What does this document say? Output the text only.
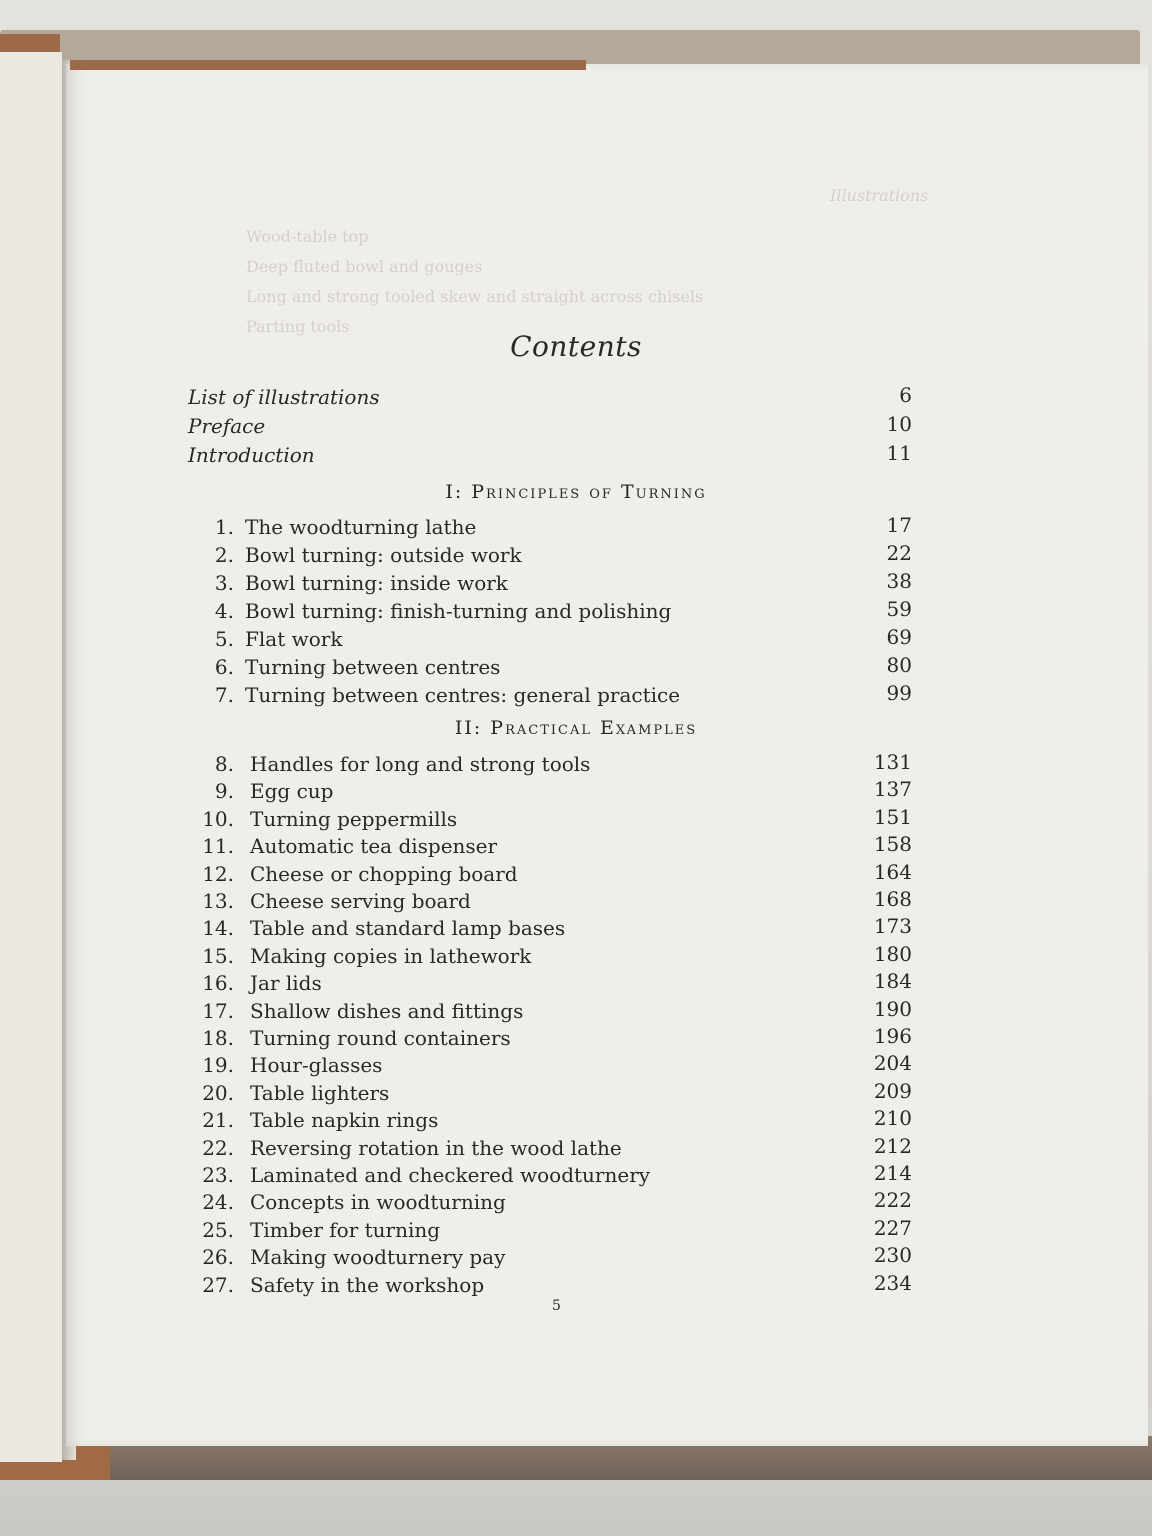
Wood-table top
Deep fluted bowl and gouges
Long and strong tooled skew and straight across chisels
Parting tools
Illustrations
Contents
List of illustrations	6
Preface	10
Introduction	11
I: Principles of Turning
1. The woodturning lathe	17
2. Bowl turning: outside work	22
3. Bowl turning: inside work	38
4. Bowl turning: finish-turning and polishing	59
5. Flat work	69
6. Turning between centres	80
7. Turning between centres: general practice	99
II: Practical Examples
8. Handles for long and strong tools	131
9. Egg cup	137
10. Turning peppermills	151
11. Automatic tea dispenser	158
12. Cheese or chopping board	164
13. Cheese serving board	168
14. Table and standard lamp bases	173
15. Making copies in lathework	180
16. Jar lids	184
17. Shallow dishes and fittings	190
18. Turning round containers	196
19. Hour-glasses	204
20. Table lighters	209
21. Table napkin rings	210
22. Reversing rotation in the wood lathe	212
23. Laminated and checkered woodturnery	214
24. Concepts in woodturning	222
25. Timber for turning	227
26. Making woodturnery pay	230
27. Safety in the workshop	234
5
